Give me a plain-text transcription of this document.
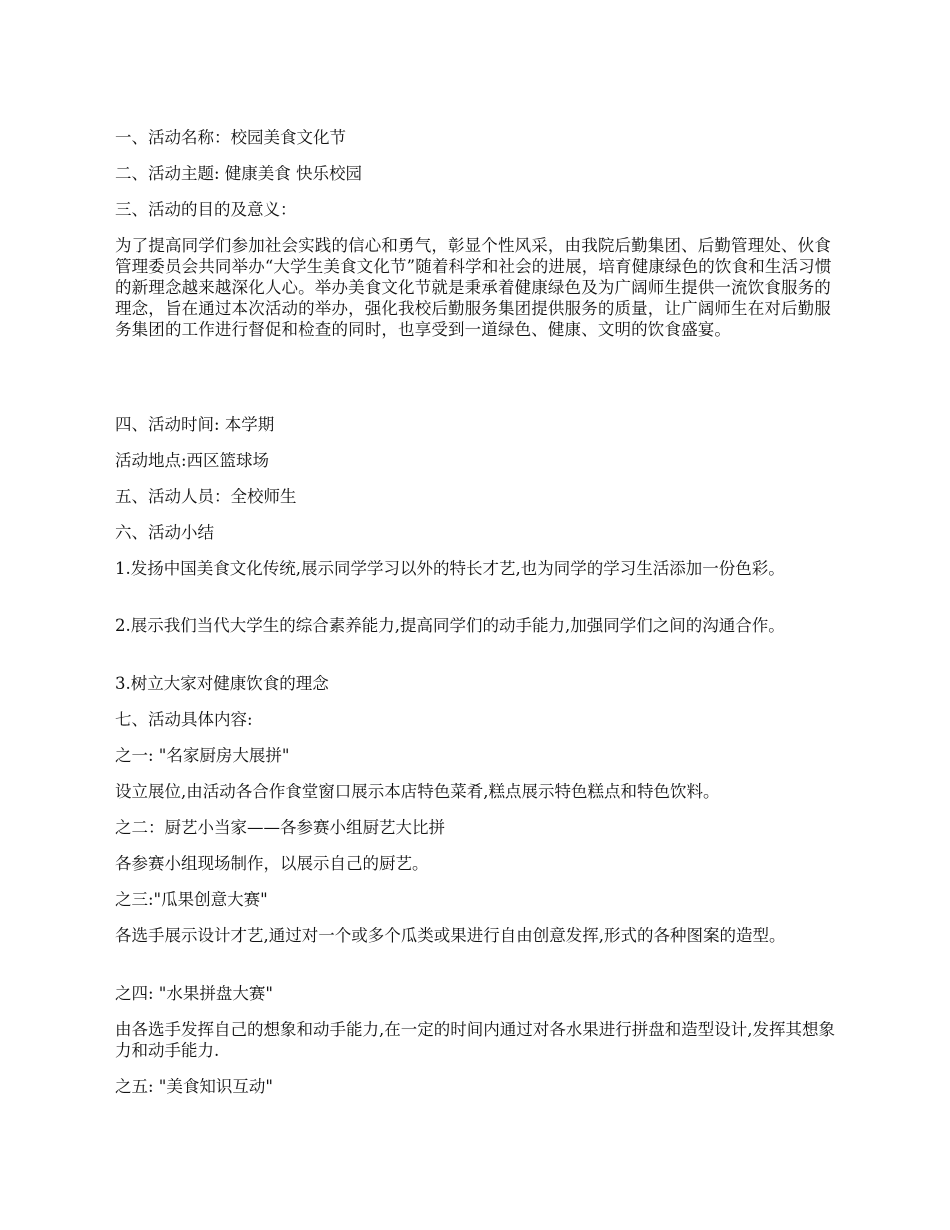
一、活动名称：校园美食文化节

二、活动主题: 健康美食 快乐校园

三、活动的目的及意义：

为了提高同学们参加社会实践的信心和勇气，彰显个性风采，由我院后勤集团、后勤管理处、伙食管理委员会共同举办“大学生美食文化节”随着科学和社会的进展，培育健康绿色的饮食和生活习惯的新理念越来越深化人心。举办美食文化节就是秉承着健康绿色及为广阔师生提供一流饮食服务的理念，旨在通过本次活动的举办，强化我校后勤服务集团提供服务的质量，让广阔师生在对后勤服务集团的工作进行督促和检查的同时，也享受到一道绿色、健康、文明的饮食盛宴。

四、活动时间: 本学期

活动地点:西区篮球场

五、活动人员：全校师生

六、活动小结

1.发扬中国美食文化传统,展示同学学习以外的特长才艺,也为同学的学习生活添加一份色彩。

2.展示我们当代大学生的综合素养能力,提高同学们的动手能力,加强同学们之间的沟通合作。

3.树立大家对健康饮食的理念

七、活动具体内容:

之一: "名家厨房大展拼"

设立展位,由活动各合作食堂窗口展示本店特色菜肴,糕点展示特色糕点和特色饮料。

之二：厨艺小当家——各参赛小组厨艺大比拼

各参赛小组现场制作，以展示自己的厨艺。

之三:"瓜果创意大赛"

各选手展示设计才艺,通过对一个或多个瓜类或果进行自由创意发挥,形式的各种图案的造型。

之四: "水果拼盘大赛"

由各选手发挥自己的想象和动手能力,在一定的时间内通过对各水果进行拼盘和造型设计,发挥其想象力和动手能力.

之五: "美食知识互动"
